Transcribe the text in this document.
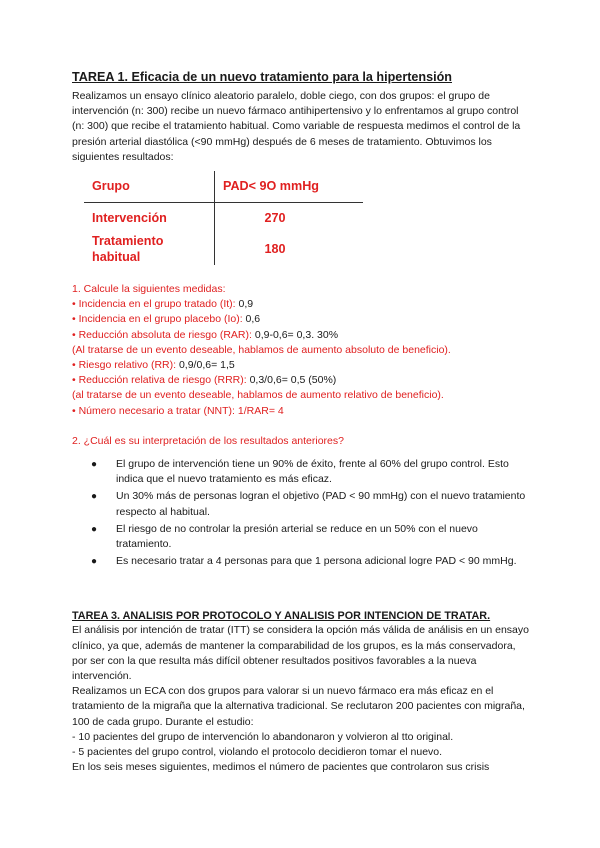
TAREA 1. Eficacia de un nuevo tratamiento para la hipertensión

Realizamos un ensayo clínico aleatorio paralelo, doble ciego, con dos grupos: el grupo de intervención (n: 300) recibe un nuevo fármaco antihipertensivo y lo enfrentamos al grupo control (n: 300) que recibe el tratamiento habitual. Como variable de respuesta medimos el control de la presión arterial diastólica (<90 mmHg) después de 6 meses de tratamiento. Obtuvimos los siguientes resultados:

Grupo	PAD< 9O mmHg
Intervención	270
Tratamiento habitual	180

1. Calcule la siguientes medidas:

• Incidencia en el grupo tratado (It): 0,9

• Incidencia en el grupo placebo (Io): 0,6

• Reducción absoluta de riesgo (RAR): 0,9-0,6= 0,3. 30%

(Al tratarse de un evento deseable, hablamos de aumento absoluto de beneficio).

• Riesgo relativo (RR): 0,9/0,6= 1,5

• Reducción relativa de riesgo (RRR): 0,3/0,6= 0,5 (50%)

(al tratarse de un evento deseable, hablamos de aumento relativo de beneficio).

• Número necesario a tratar (NNT): 1/RAR= 4

2. ¿Cuál es su interpretación de los resultados anteriores?

● El grupo de intervención tiene un 90% de éxito, frente al 60% del grupo control. Esto indica que el nuevo tratamiento es más eficaz.
● Un 30% más de personas logran el objetivo (PAD < 90 mmHg) con el nuevo tratamiento respecto al habitual.
● El riesgo de no controlar la presión arterial se reduce en un 50% con el nuevo tratamiento.
● Es necesario tratar a 4 personas para que 1 persona adicional logre PAD < 90 mmHg.
TAREA 3. ANALISIS POR PROTOCOLO Y ANALISIS POR INTENCION DE TRATAR.

El análisis por intención de tratar (ITT) se considera la opción más válida de análisis en un ensayo clínico, ya que, además de mantener la comparabilidad de los grupos, es la más conservadora, por ser con la que resulta más difícil obtener resultados positivos favorables a la nueva intervención.

Realizamos un ECA con dos grupos para valorar si un nuevo fármaco era más eficaz en el tratamiento de la migraña que la alternativa tradicional. Se reclutaron 200 pacientes con migraña, 100 de cada grupo. Durante el estudio:

- 10 pacientes del grupo de intervención lo abandonaron y volvieron al tto original.

- 5 pacientes del grupo control, violando el protocolo decidieron tomar el nuevo.

En los seis meses siguientes, medimos el número de pacientes que controlaron sus crisis
